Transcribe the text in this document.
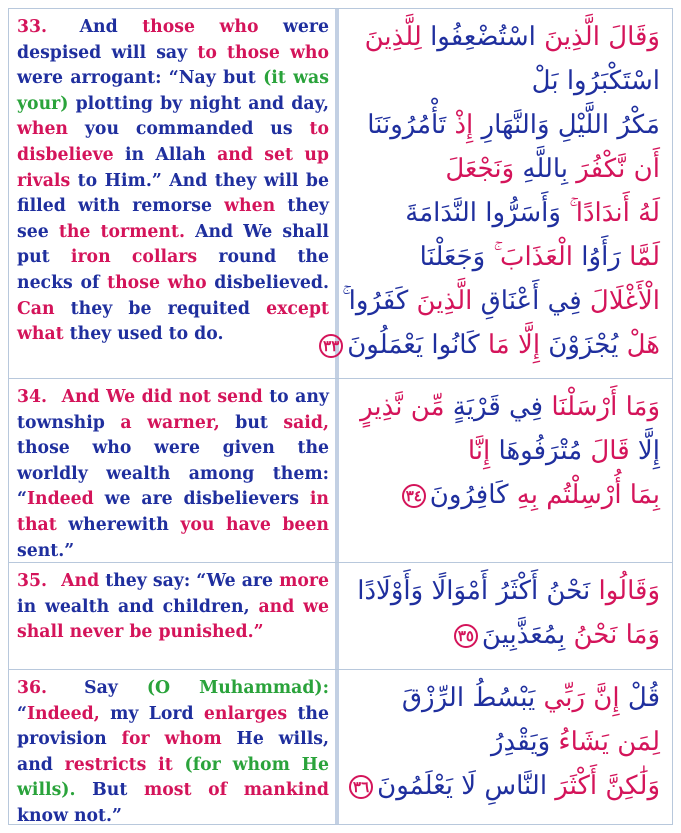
33. And those who were despised will say to those who were arrogant: “Nay but (it was your) plotting by night and day, when you commanded us to disbelieve in Allah and set up rivals to Him.” And they will be filled with remorse when they see the torment. And We shall put iron collars round the necks of those who disbelieved. Can they be requited except what they used to do.

وَقَالَ الَّذِينَ اسْتُضْعِفُوا لِلَّذِينَ
اسْتَكْبَرُوا بَلْ
مَكْرُ اللَّيْلِ وَالنَّهَارِ إِذْ تَأْمُرُونَنَا
أَن نَّكْفُرَ بِاللَّهِ وَنَجْعَلَ
لَهُ أَندَادًا ۚ وَأَسَرُّوا النَّدَامَةَ
لَمَّا رَأَوُا الْعَذَابَ ۚ وَجَعَلْنَا
الْأَغْلَالَ فِي أَعْنَاقِ الَّذِينَ كَفَرُوا ۚ
هَلْ يُجْزَوْنَ إِلَّا مَا كَانُوا يَعْمَلُونَ٣٣

34. And We did not send to any township a warner, but said, those who were given the worldly wealth among them: “Indeed we are disbelievers in that wherewith you have been sent.”

وَمَا أَرْسَلْنَا فِي قَرْيَةٍ مِّن نَّذِيرٍ
إِلَّا قَالَ مُتْرَفُوهَا إِنَّا
بِمَا أُرْسِلْتُم بِهِ كَافِرُونَ٣٤

35. And they say: “We are more in wealth and children, and we shall never be punished.”

وَقَالُوا نَحْنُ أَكْثَرُ أَمْوَالًا وَأَوْلَادًا
وَمَا نَحْنُ بِمُعَذَّبِينَ٣٥

36. Say (O Muhammad): “Indeed, my Lord enlarges the provision for whom He wills, and restricts it (for whom He wills). But most of mankind know not.”

قُلْ إِنَّ رَبِّي يَبْسُطُ الرِّزْقَ
لِمَن يَشَاءُ وَيَقْدِرُ
وَلَٰكِنَّ أَكْثَرَ النَّاسِ لَا يَعْلَمُونَ٣٦
